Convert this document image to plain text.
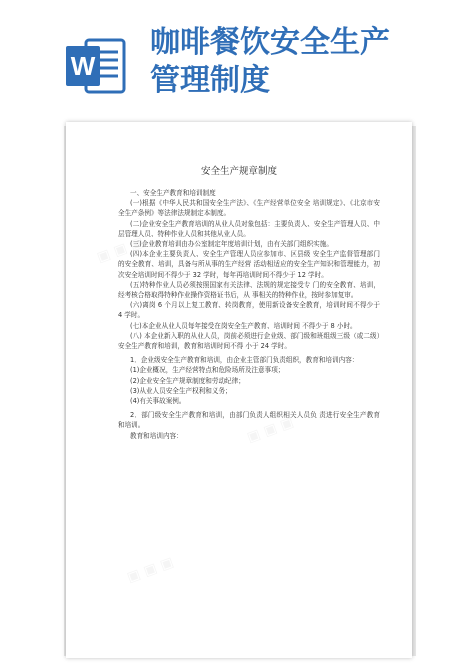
W
咖啡餐饮安全生产
管理制度
▣ ▣ ▣
▣ ▣ ▣
▣ ▣ ▣
安全生产规章制度

一、安全生产教育和培训制度

(一)根据《中华人民共和国安全生产法》、《生产经营单位安全 培训规定》、《北京市安全生产条例》等法律法规制定本制度。

(二)企业安全生产教育培训的从业人员对象包括：主要负责人、安全生产管理人员、中层管理人员、特种作业人员和其他从业人员。

(三)企业教育培训由办公室制定年度培训计划，由有关部门组织实施。

(四)本企业主要负责人、安全生产管理人员应参加市、区县级 安全生产监督管理部门的安全教育、培训，具备与所从事的生产经营 活动相适应的安全生产知识和管理能力，初次安全培训时间不得少于 32 学时，每年再培训时间不得少于 12 学时。

(五)特种作业人员必须按照国家有关法律、法规的规定接受专 门的安全教育、培训，经考核合格取得特种作业操作资格证书后，从 事相关的特种作业，按时参加复审。

(六)离岗 6 个月以上复工教育、转岗教育，使用新设备安全教育，培训时间不得少于 4 学时。

(七)本企业从业人员每年接受在岗安全生产教育、培训时间 不得少于 8 小时。

(八) 本企业新入职的从业人员，岗前必须进行企业级、部门级和班组级三级（或二级）安全生产教育和培训，教育和培训时间不得 小于 24 学时。

1．企业级安全生产教育和培训，由企业主管部门负责组织，教育和培训内容：

(1)企业概况，生产经营特点和危险场所及注意事项；

(2)企业安全生产规章制度和劳动纪律；

(3)从业人员安全生产权利和义务；

(4)有关事故案例。

2．部门级安全生产教育和培训，由部门负责人组织相关人员负 责进行安全生产教育和培训。

教育和培训内容：
